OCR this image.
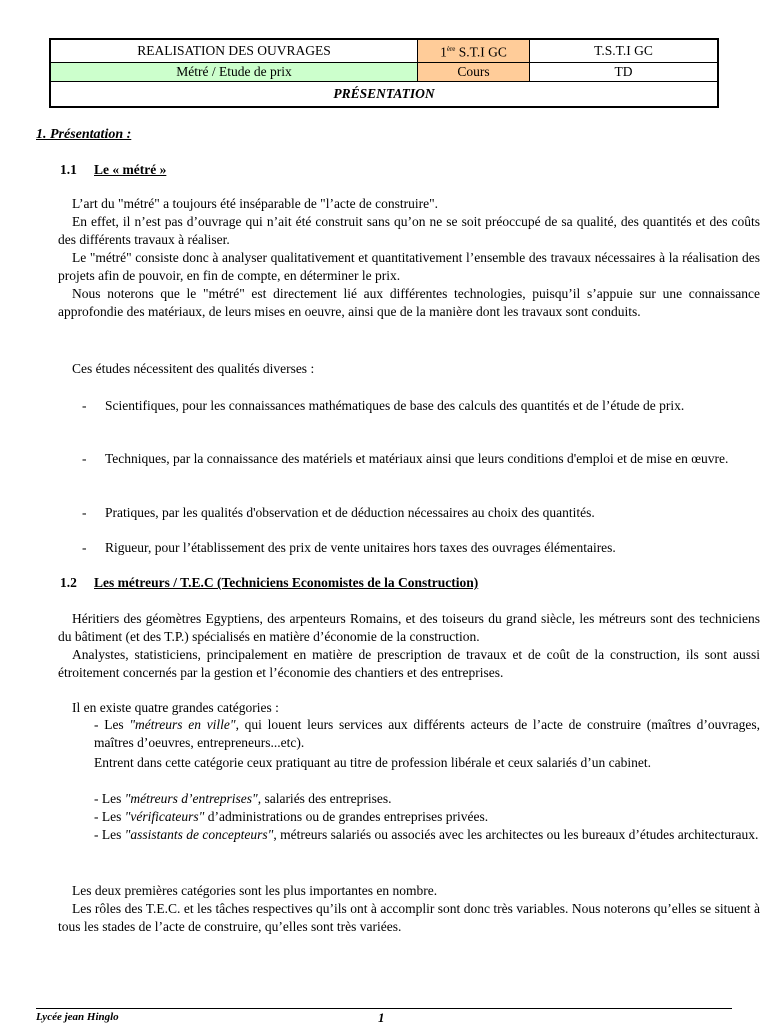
REALISATION DES OUVRAGES	1ère S.T.I GC	T.S.T.I GC
Métré / Etude de prix	Cours	TD
PRÉSENTATION		
1. Présentation :
1.1 Le « métré »
L’art du "métré" a toujours été inséparable de "l’acte de construire".
En effet, il n’est pas d’ouvrage qui n’ait été construit sans qu’on ne se soit préoccupé de sa qualité, des quantités et des coûts des différents travaux à réaliser.
Le "métré" consiste donc à analyser qualitativement et quantitativement l’ensemble des travaux nécessaires à la réalisation des projets afin de pouvoir, en fin de compte, en déterminer le prix.
Nous noterons que le "métré" est directement lié aux différentes technologies, puisqu’il s’appuie sur une connaissance approfondie des matériaux, de leurs mises en oeuvre, ainsi que de la manière dont les travaux sont conduits.
Ces études nécessitent des qualités diverses :
- Scientifiques, pour les connaissances mathématiques de base des calculs des quantités et de l’étude de prix.
- Techniques, par la connaissance des matériels et matériaux ainsi que leurs conditions d'emploi et de mise en œuvre.
- Pratiques, par les qualités d'observation et de déduction nécessaires au choix des quantités.
- Rigueur, pour l’établissement des prix de vente unitaires hors taxes des ouvrages élémentaires.
1.2 Les métreurs / T.E.C (Techniciens Economistes de la Construction)
Héritiers des géomètres Egyptiens, des arpenteurs Romains, et des toiseurs du grand siècle, les métreurs sont des techniciens du bâtiment (et des T.P.) spécialisés en matière d’économie de la construction.
Analystes, statisticiens, principalement en matière de prescription de travaux et de coût de la construction, ils sont aussi étroitement concernés par la gestion et l’économie des chantiers et des entreprises.
Il en existe quatre grandes catégories :
- Les "métreurs en ville", qui louent leurs services aux différents acteurs de l’acte de construire (maîtres d’ouvrages, maîtres d’oeuvres, entrepreneurs...etc).
Entrent dans cette catégorie ceux pratiquant au titre de profession libérale et ceux salariés d’un cabinet.
- Les "métreurs d’entreprises", salariés des entreprises.
- Les "vérificateurs" d’administrations ou de grandes entreprises privées.
- Les "assistants de concepteurs", métreurs salariés ou associés avec les architectes ou les bureaux d’études architecturaux.
Les deux premières catégories sont les plus importantes en nombre.
Les rôles des T.E.C. et les tâches respectives qu’ils ont à accomplir sont donc très variables. Nous noterons qu’elles se situent à tous les stades de l’acte de construire, qu’elles sont très variées.
Lycée jean Hinglo	1
